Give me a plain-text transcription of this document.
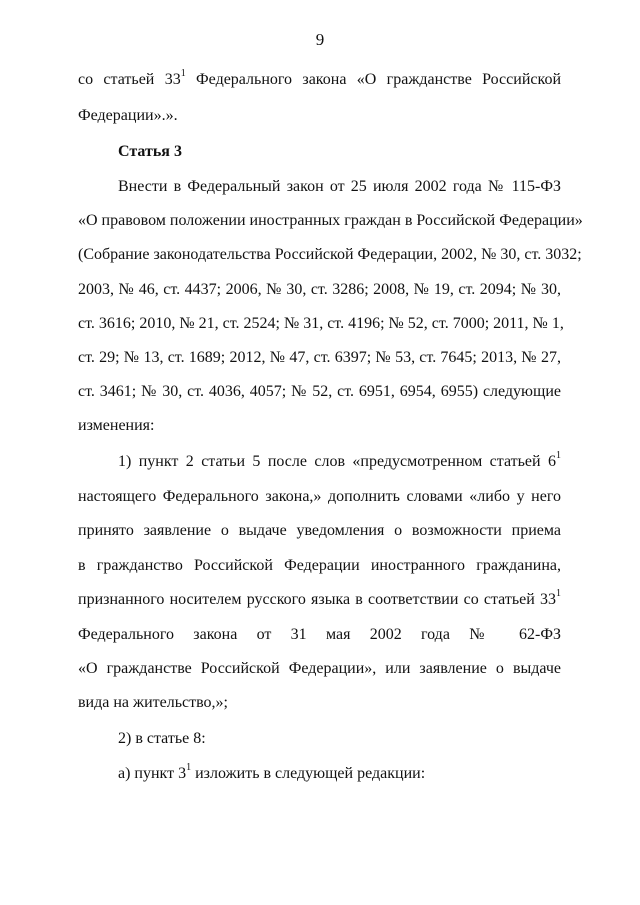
9
со статьей $33^1$ Федерального закона «О гражданстве Российской
Федерации».».
Статья 3
Внести в Федеральный закон от 25 июля 2002 года № 115-ФЗ
«О правовом положении иностранных граждан в Российской Федерации»
(Собрание законодательства Российской Федерации, 2002, № 30, ст. 3032;
2003, № 46, ст. 4437; 2006, № 30, ст. 3286; 2008, № 19, ст. 2094; № 30,
ст. 3616; 2010, № 21, ст. 2524; № 31, ст. 4196; № 52, ст. 7000; 2011, № 1,
ст. 29; № 13, ст. 1689; 2012, № 47, ст. 6397; № 53, ст. 7645; 2013, № 27,
ст. 3461; № 30, ст. 4036, 4057; № 52, ст. 6951, 6954, 6955) следующие
изменения:
1) пункт 2 статьи 5 после слов «предусмотренном статьей $6^1$
настоящего Федерального закона,» дополнить словами «либо у него
принято заявление о выдаче уведомления о возможности приема
в гражданство Российской Федерации иностранного гражданина,
признанного носителем русского языка в соответствии со статьей $33^1$
Федерального закона от 31 мая 2002 года № 62-ФЗ
«О гражданстве Российской Федерации», или заявление о выдаче
вида на жительство,»;
2) в статье 8:
а) пункт $3^1$ изложить в следующей редакции:
